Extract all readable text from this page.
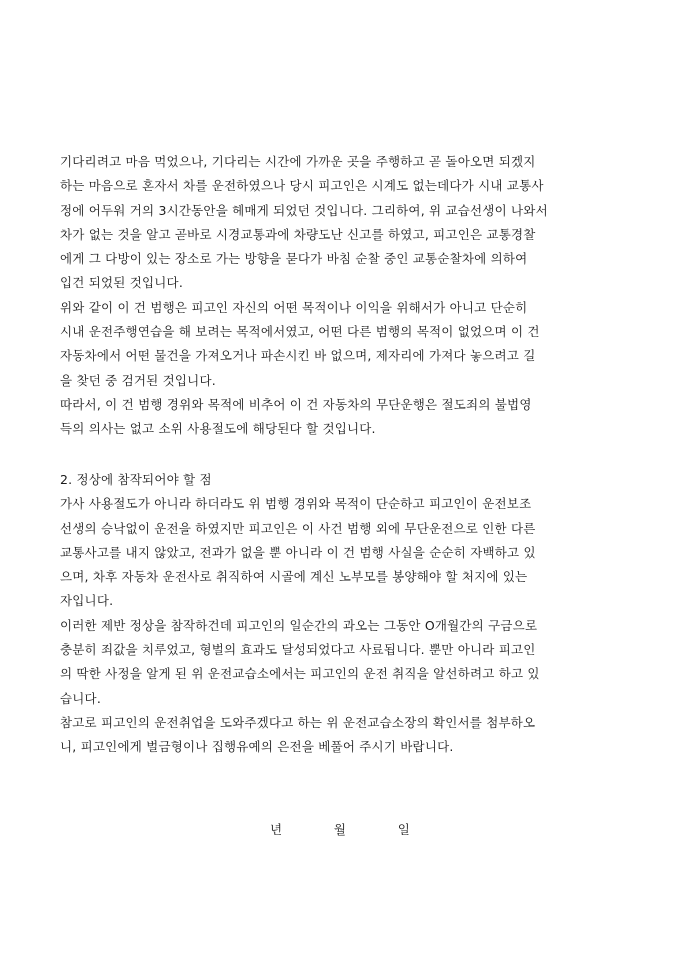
기다리려고 마음 먹었으나, 기다리는 시간에 가까운 곳을 주행하고 곧 돌아오면 되겠지
하는 마음으로 혼자서 차를 운전하였으나 당시 피고인은 시계도 없는데다가 시내 교통사
정에 어두워 거의 3시간동안을 헤매게 되었던 것입니다. 그리하여, 위 교습선생이 나와서
차가 없는 것을 알고 곧바로 시경교통과에 차량도난 신고를 하였고, 피고인은 교통경찰
에게 그 다방이 있는 장소로 가는 방향을 묻다가 바침 순찰 중인 교통순찰차에 의하여
입건 되었된 것입니다.
위와 같이 이 건 범행은 피고인 자신의 어떤 목적이나 이익을 위해서가 아니고 단순히
시내 운전주행연습을 해 보려는 목적에서였고, 어떤 다른 범행의 목적이 없었으며 이 건
자동차에서 어떤 물건을 가져오거나 파손시킨 바 없으며, 제자리에 가져다 놓으려고 길
을 찾던 중 검거된 것입니다.
따라서, 이 건 범행 경위와 목적에 비추어 이 건 자동차의 무단운행은 절도죄의 불법영
득의 의사는 없고 소위 사용절도에 해당된다 할 것입니다.
2. 정상에 참작되어야 할 점
가사 사용절도가 아니라 하더라도 위 범행 경위와 목적이 단순하고 피고인이 운전보조
선생의 승낙없이 운전을 하였지만 피고인은 이 사건 범행 외에 무단운전으로 인한 다른
교통사고를 내지 않았고, 전과가 없을 뿐 아니라 이 건 범행 사실을 순순히 자백하고 있
으며, 차후 자동차 운전사로 취직하여 시골에 계신 노부모를 봉양해야 할 처지에 있는
자입니다.
이러한 제반 정상을 참작하건데 피고인의 일순간의 과오는 그동안 O개월간의 구금으로
충분히 죄값을 치루었고, 형벌의 효과도 달성되었다고 사료됩니다. 뿐만 아니라 피고인
의 딱한 사정을 알게 된 위 운전교습소에서는 피고인의 운전 취직을 알선하려고 하고 있
습니다.
참고로 피고인의 운전취업을 도와주겠다고 하는 위 운전교습소장의 확인서를 첨부하오
니, 피고인에게 벌금형이나 집행유예의 은전을 베풀어 주시기 바랍니다.
년	월	일
